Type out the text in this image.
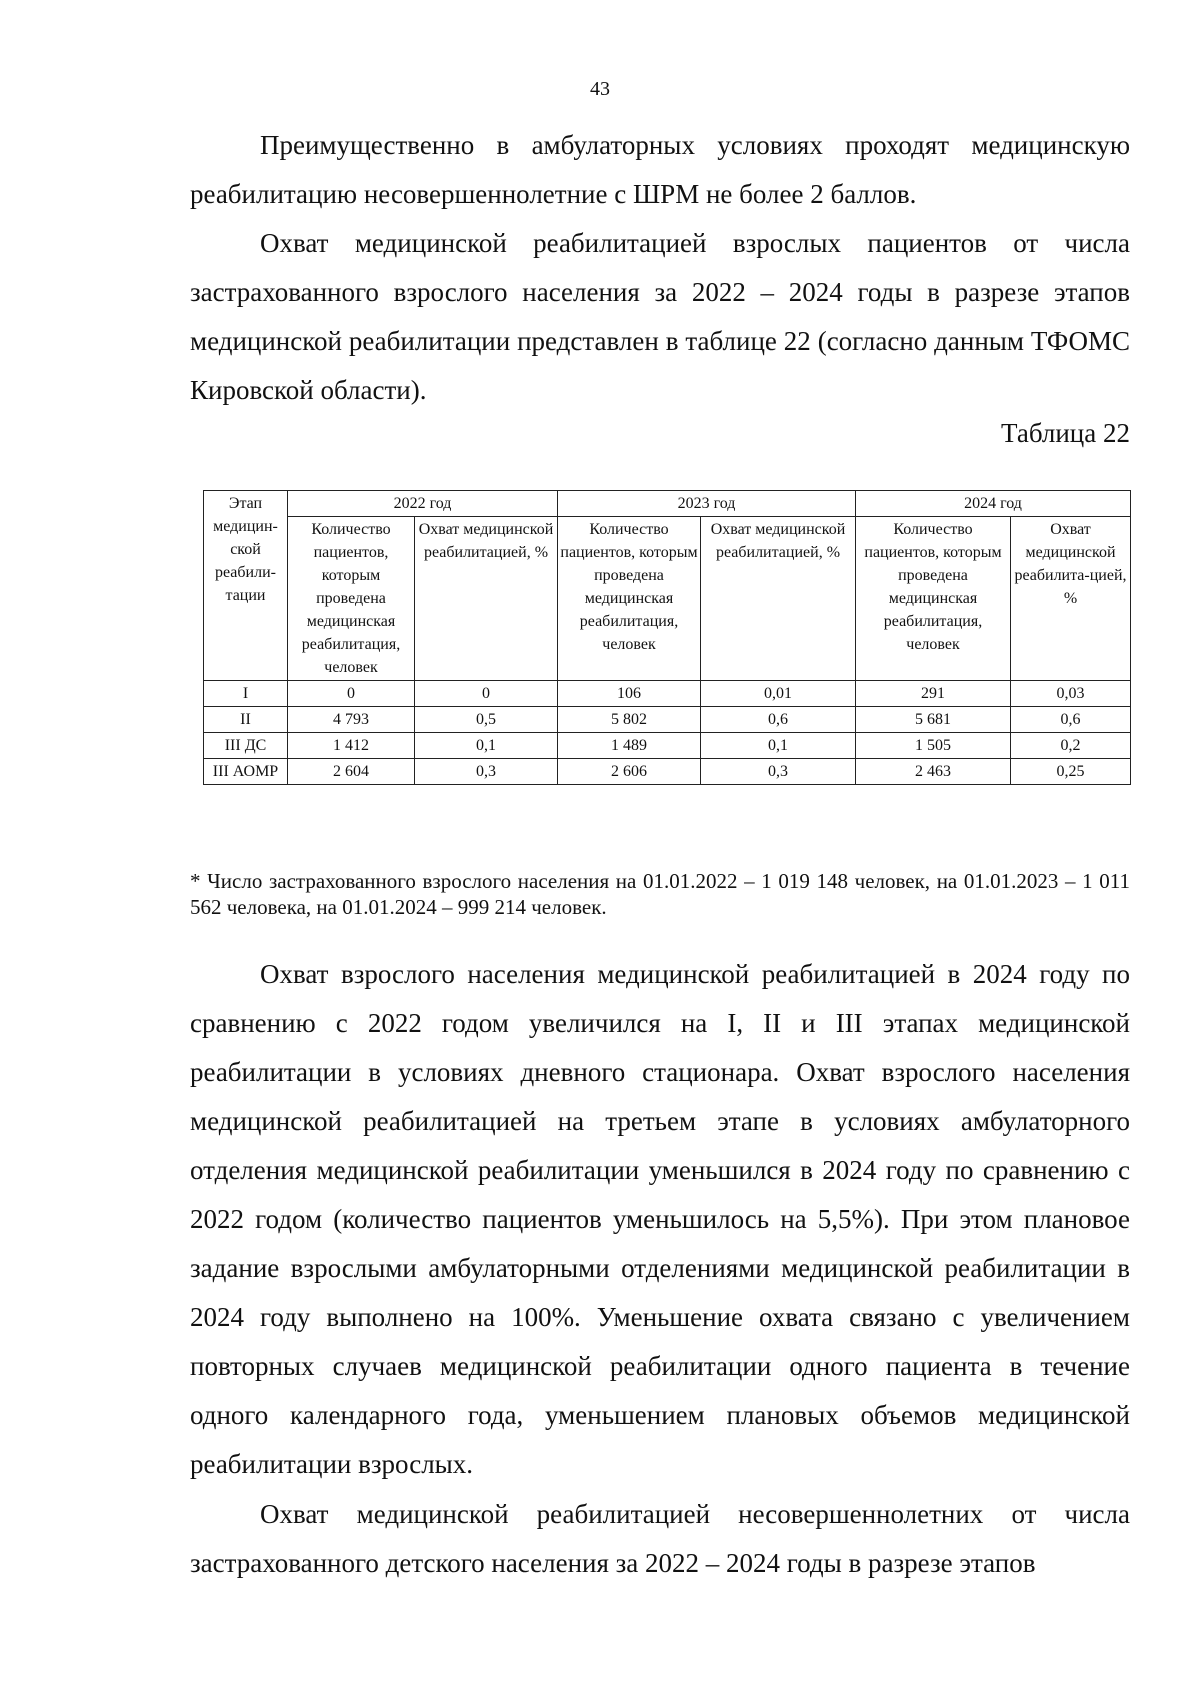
43

Преимущественно в амбулаторных условиях проходят медицинскую реабилитацию несовершеннолетние с ШРМ не более 2 баллов.

Охват медицинской реабилитацией взрослых пациентов от числа застрахованного взрослого населения за 2022 – 2024 годы в разрезе этапов медицинской реабилитации представлен в таблице 22 (согласно данным ТФОМС Кировской области).

Таблица 22
Этап медицин-ской реабили-тации	2022 год		2023 год		2024 год	
	Количество пациентов, которым проведена медицинская реабилитация, человек	Охват медицинской реабилитацией, %	Количество пациентов, которым проведена медицинская реабилитация, человек	Охват медицинской реабилитацией, %	Количество пациентов, которым проведена медицинская реабилитация, человек	Охват медицинской реабилита-цией, %
I	0	0	106	0,01	291	0,03
II	4 793	0,5	5 802	0,6	5 681	0,6
III ДС	1 412	0,1	1 489	0,1	1 505	0,2
III АОМР	2 604	0,3	2 606	0,3	2 463	0,25

* Число застрахованного взрослого населения на 01.01.2022 – 1 019 148 человек, на 01.01.2023 – 1 011 562 человека, на 01.01.2024 – 999 214 человек.

Охват взрослого населения медицинской реабилитацией в 2024 году по сравнению с 2022 годом увеличился на I, II и III этапах медицинской реабилитации в условиях дневного стационара. Охват взрослого населения медицинской реабилитацией на третьем этапе в условиях амбулаторного отделения медицинской реабилитации уменьшился в 2024 году по сравнению с 2022 годом (количество пациентов уменьшилось на 5,5%). При этом плановое задание взрослыми амбулаторными отделениями медицинской реабилитации в 2024 году выполнено на 100%. Уменьшение охвата связано с увеличением повторных случаев медицинской реабилитации одного пациента в течение одного календарного года, уменьшением плановых объемов медицинской реабилитации взрослых.

Охват медицинской реабилитацией несовершеннолетних от числа застрахованного детского населения за 2022 – 2024 годы в разрезе этапов
